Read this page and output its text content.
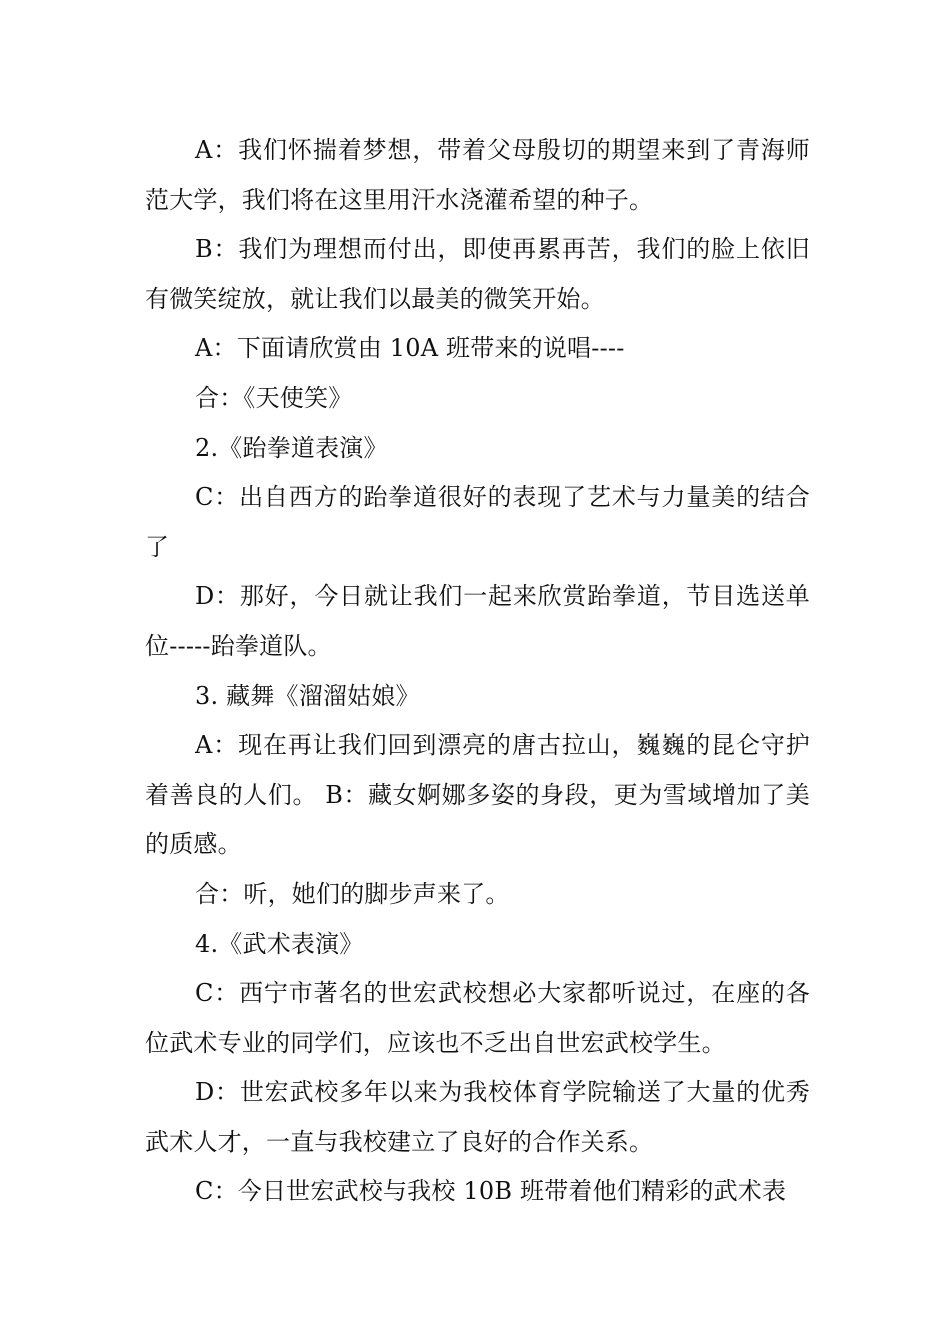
A：我们怀揣着梦想，带着父母殷切的期望来到了青海师范大学，我们将在这里用汗水浇灌希望的种子。

B：我们为理想而付出，即使再累再苦，我们的脸上依旧有微笑绽放，就让我们以最美的微笑开始。

A：下面请欣赏由 10A 班带来的说唱----

合：《天使笑》

2.《跆拳道表演》

C：出自西方的跆拳道很好的表现了艺术与力量美的结合了

D：那好，今日就让我们一起来欣赏跆拳道，节目选送单位-----跆拳道队。

3. 藏舞《溜溜姑娘》

A：现在再让我们回到漂亮的唐古拉山，巍巍的昆仑守护着善良的人们。 B：藏女婀娜多姿的身段，更为雪域增加了美的质感。

合：听，她们的脚步声来了。

4.《武术表演》

C：西宁市著名的世宏武校想必大家都听说过，在座的各位武术专业的同学们，应该也不乏出自世宏武校学生。

D：世宏武校多年以来为我校体育学院输送了大量的优秀武术人才，一直与我校建立了良好的合作关系。

C：今日世宏武校与我校 10B 班带着他们精彩的武术表
